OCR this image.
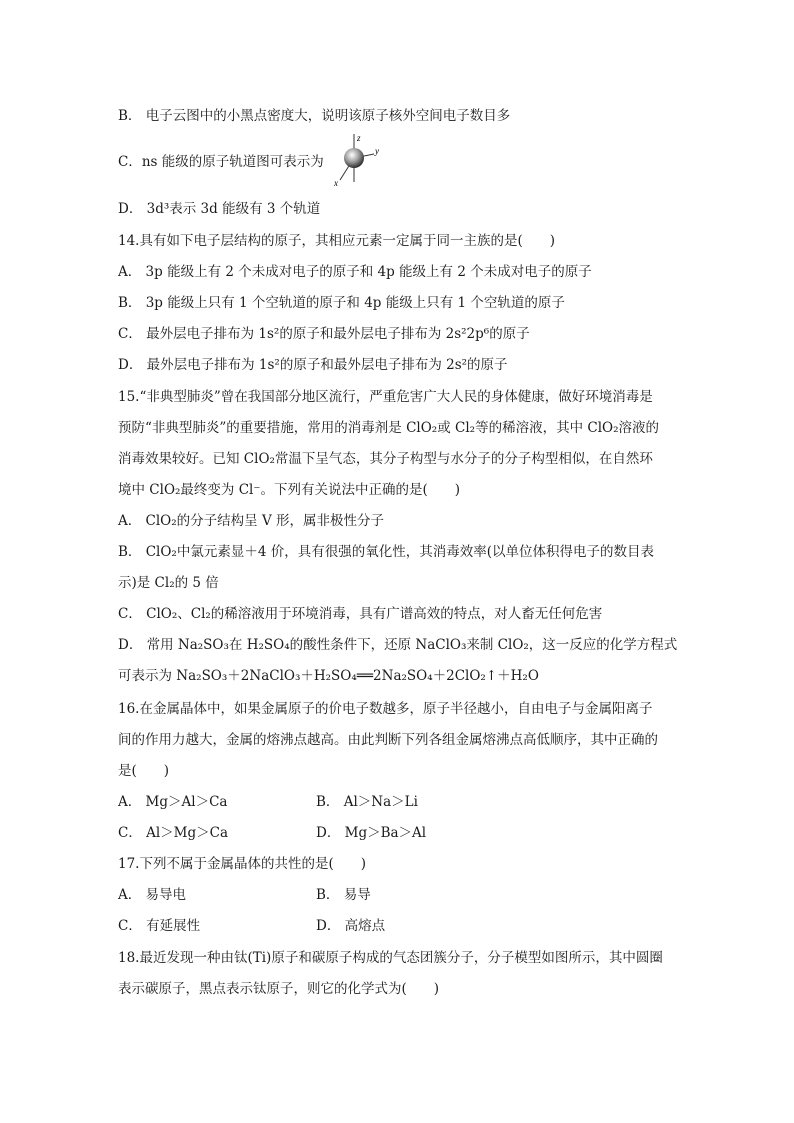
B． 电子云图中的小黑点密度大，说明该原子核外空间电子数目多
C．ns 能级的原子轨道图可表示为
z
y
x
D． 3d³表示 3d 能级有 3 个轨道
14.具有如下电子层结构的原子，其相应元素一定属于同一主族的是(　　)
A． 3p 能级上有 2 个未成对电子的原子和 4p 能级上有 2 个未成对电子的原子
B． 3p 能级上只有 1 个空轨道的原子和 4p 能级上只有 1 个空轨道的原子
C． 最外层电子排布为 1s²的原子和最外层电子排布为 2s²2p⁶的原子
D． 最外层电子排布为 1s²的原子和最外层电子排布为 2s²的原子
15.“非典型肺炎”曾在我国部分地区流行，严重危害广大人民的身体健康，做好环境消毒是
预防“非典型肺炎”的重要措施，常用的消毒剂是 ClO₂或 Cl₂等的稀溶液，其中 ClO₂溶液的
消毒效果较好。已知 ClO₂常温下呈气态，其分子构型与水分子的分子构型相似，在自然环
境中 ClO₂最终变为 Cl⁻。下列有关说法中正确的是(　　)
A． ClO₂的分子结构呈 V 形，属非极性分子
B． ClO₂中氯元素显＋4 价，具有很强的氧化性，其消毒效率(以单位体积得电子的数目表
示)是 Cl₂的 5 倍
C． ClO₂、Cl₂的稀溶液用于环境消毒，具有广谱高效的特点，对人畜无任何危害
D． 常用 Na₂SO₃在 H₂SO₄的酸性条件下，还原 NaClO₃来制 ClO₂，这一反应的化学方程式
可表示为 Na₂SO₃＋2NaClO₃＋H₂SO₄══2Na₂SO₄＋2ClO₂↑＋H₂O
16.在金属晶体中，如果金属原子的价电子数越多，原子半径越小，自由电子与金属阳离子
间的作用力越大，金属的熔沸点越高。由此判断下列各组金属熔沸点高低顺序，其中正确的
是(　　)
A． Mg＞Al＞Ca	B． Al＞Na＞Li
C． Al＞Mg＞Ca	D． Mg＞Ba＞Al
17.下列不属于金属晶体的共性的是(　　)
A． 易导电	B． 易导
C． 有延展性	D． 高熔点
18.最近发现一种由钛(Ti)原子和碳原子构成的气态团簇分子，分子模型如图所示，其中圆圈
表示碳原子，黑点表示钛原子，则它的化学式为(　　)
